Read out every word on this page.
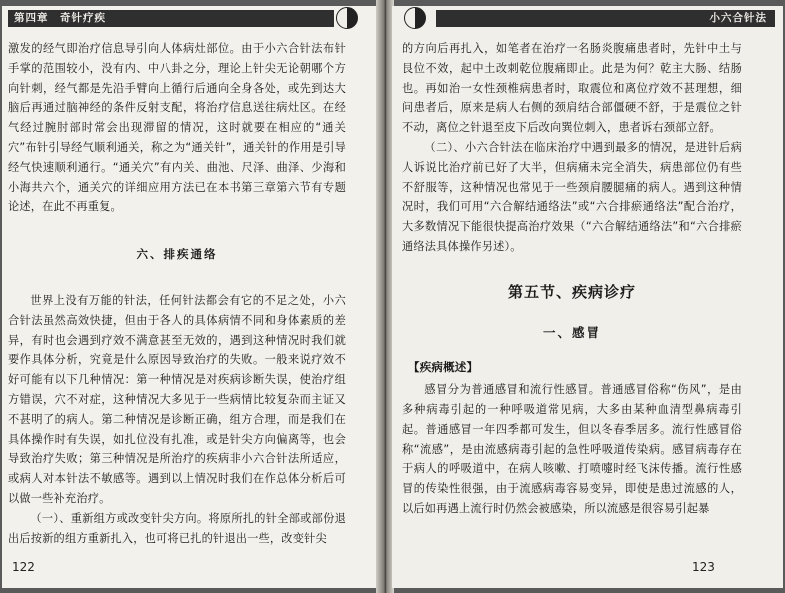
第四章　奇针疗疾

激发的经气即治疗信息导引向人体病灶部位。由于小六合针法布针手掌的范围较小，没有内、中八卦之分，理论上针尖无论朝哪个方向针刺，经气都是先沿手臂向上循行后通向全身各处，或先到达大脑后再通过脑神经的条件反射支配，将治疗信息送往病灶区。在经气经过腕肘部时常会出现滞留的情况，这时就要在相应的“通关穴”布针引导经气顺利通关，称之为“通关针”，通关针的作用是引导经气快速顺利通行。“通关穴”有内关、曲池、尺泽、曲泽、少海和小海共六个，通关穴的详细应用方法已在本书第三章第六节有专题论述，在此不再重复。

六、排疾通络

世界上没有万能的针法，任何针法都会有它的不足之处，小六合针法虽然高效快捷，但由于各人的具体病情不同和身体素质的差异，有时也会遇到疗效不满意甚至无效的，遇到这种情况时我们就要作具体分析，究竟是什么原因导致治疗的失败。一般来说疗效不好可能有以下几种情况：第一种情况是对疾病诊断失误，使治疗组方错误，穴不对症，这种情况大多见于一些病情比较复杂而主证又不甚明了的病人。第二种情况是诊断正确，组方合理，而是我们在具体操作时有失误，如扎位没有扎准，或是针尖方向偏离等，也会导致治疗失败；第三种情况是所治疗的疾病非小六合针法所适应，或病人对本针法不敏感等。遇到以上情况时我们在作总体分析后可以做一些补充治疗。

（一）、重新组方或改变针尖方向。将原所扎的针全部或部份退出后按新的组方重新扎入，也可将已扎的针退出一些，改变针尖

122
小六合针法

的方向后再扎入，如笔者在治疗一名肠炎腹痛患者时，先针中土与艮位不效，起中土改刺乾位腹痛即止。此是为何？乾主大肠、结肠也。再如治一女性颈椎病患者时，取震位和离位疗效不甚理想，细问患者后，原来是病人右侧的颈肩结合部僵硬不舒，于是震位之针不动，离位之针退至皮下后改向巽位刺入，患者诉右颈部立舒。

（二）、小六合针法在临床治疗中遇到最多的情况，是进针后病人诉说比治疗前已好了大半，但病痛未完全消失，病患部位仍有些不舒服等，这种情况也常见于一些颈肩腰腿痛的病人。遇到这种情况时，我们可用“六合解结通络法”或“六合排瘀通络法”配合治疗，大多数情况下能很快提高治疗效果（“六合解结通络法”和“六合排瘀通络法具体操作另述）。

第五节、疾病诊疗

一、感冒

【疾病概述】

感冒分为普通感冒和流行性感冒。普通感冒俗称“伤风”，是由多种病毒引起的一种呼吸道常见病，大多由某种血清型鼻病毒引起。普通感冒一年四季都可发生，但以冬春季居多。流行性感冒俗称“流感”，是由流感病毒引起的急性呼吸道传染病。感冒病毒存在于病人的呼吸道中，在病人咳嗽、打喷嚏时经飞沫传播。流行性感冒的传染性很强，由于流感病毒容易变异，即使是患过流感的人，以后如再遇上流行时仍然会被感染，所以流感是很容易引起暴

123
